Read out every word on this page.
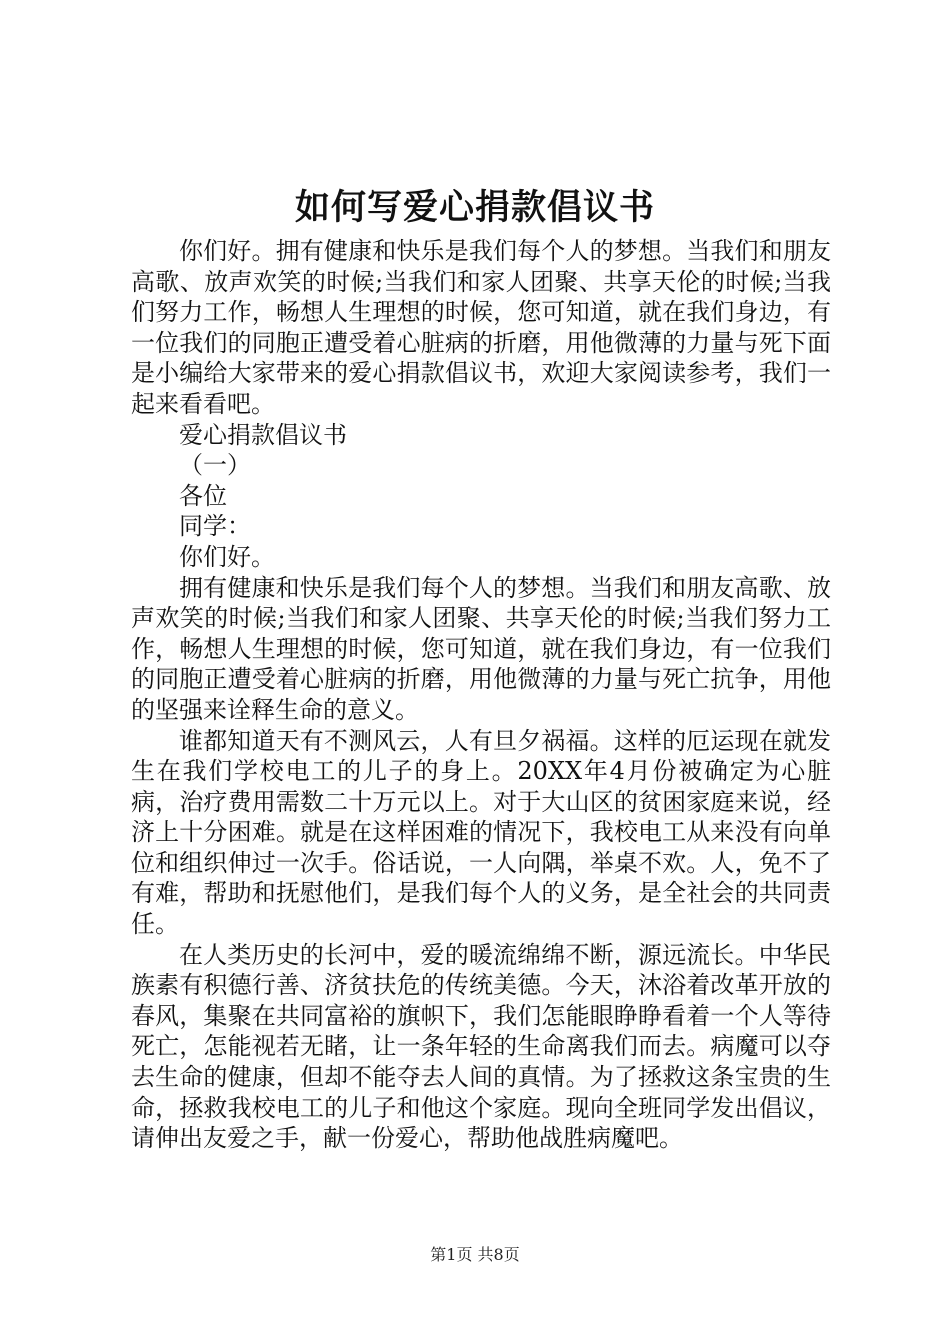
如何写爱心捐款倡议书

你们好。拥有健康和快乐是我们每个人的梦想。当我们和朋友高歌、放声欢笑的时候;当我们和家人团聚、共享天伦的时候;当我们努力工作，畅想人生理想的时候，您可知道，就在我们身边，有一位我们的同胞正遭受着心脏病的折磨，用他微薄的力量与死下面是小编给大家带来的爱心捐款倡议书，欢迎大家阅读参考，我们一起来看看吧。

爱心捐款倡议书

（一）

各位

同学：

你们好。

拥有健康和快乐是我们每个人的梦想。当我们和朋友高歌、放声欢笑的时候;当我们和家人团聚、共享天伦的时候;当我们努力工作，畅想人生理想的时候，您可知道，就在我们身边，有一位我们的同胞正遭受着心脏病的折磨，用他微薄的力量与死亡抗争，用他的坚强来诠释生命的意义。

谁都知道天有不测风云，人有旦夕祸福。这样的厄运现在就发生在我们学校电工的儿子的身上。20XX年4月份被确定为心脏病，治疗费用需数二十万元以上。对于大山区的贫困家庭来说，经济上十分困难。就是在这样困难的情况下，我校电工从来没有向单位和组织伸过一次手。俗话说，一人向隅，举桌不欢。人，免不了有难，帮助和抚慰他们，是我们每个人的义务，是全社会的共同责任。

在人类历史的长河中，爱的暖流绵绵不断，源远流长。中华民族素有积德行善、济贫扶危的传统美德。今天，沐浴着改革开放的春风，集聚在共同富裕的旗帜下，我们怎能眼睁睁看着一个人等待死亡，怎能视若无睹，让一条年轻的生命离我们而去。病魔可以夺去生命的健康，但却不能夺去人间的真情。为了拯救这条宝贵的生命，拯救我校电工的儿子和他这个家庭。现向全班同学发出倡议，请伸出友爱之手，献一份爱心，帮助他战胜病魔吧。

第1页 共8页
